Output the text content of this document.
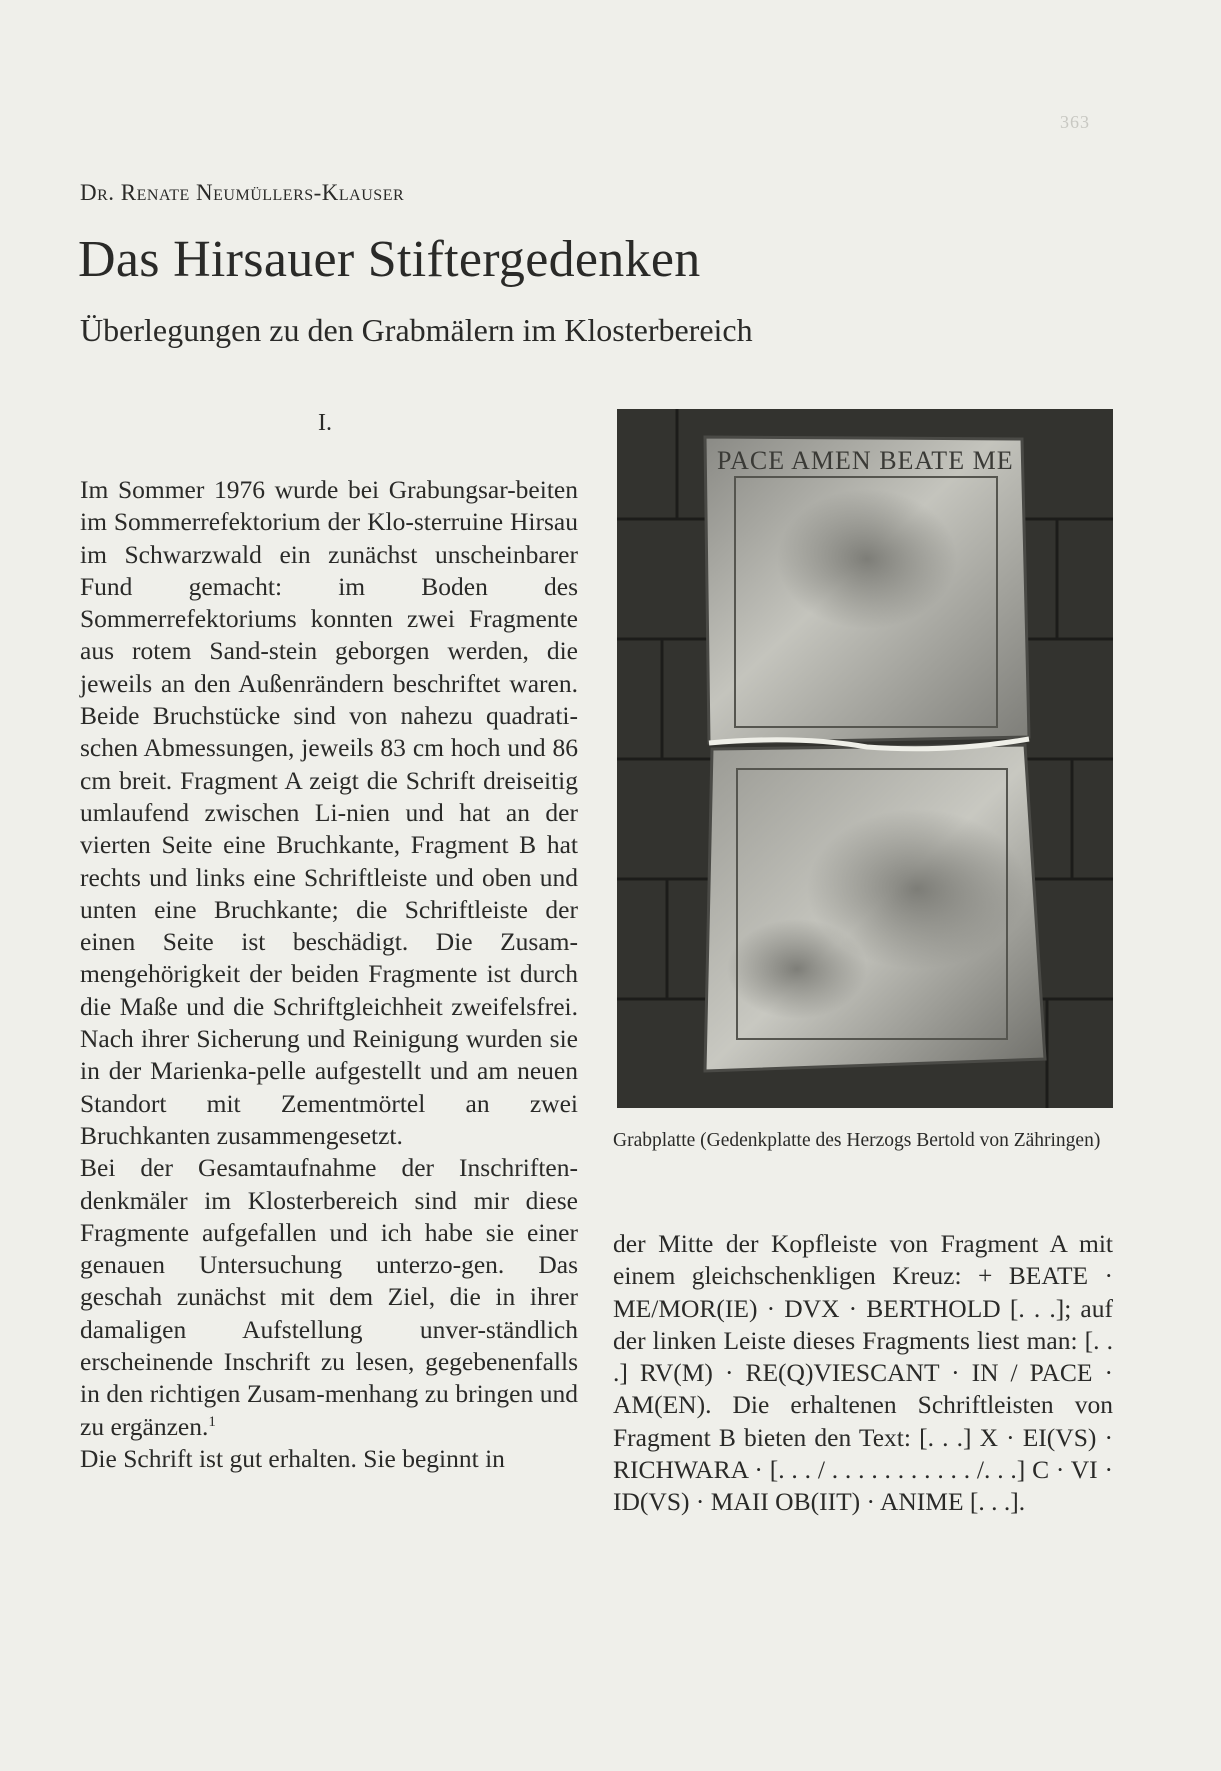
363
Dr. Renate Neumüllers-Klauser
Das Hirsauer Stiftergedenken
Überlegungen zu den Grabmälern im Klosterbereich
I.

Im Sommer 1976 wurde bei Grabungsar-beiten im Sommerrefektorium der Klo-sterruine Hirsau im Schwarzwald ein zunächst unscheinbarer Fund gemacht: im Boden des Sommerrefektoriums konnten zwei Fragmente aus rotem Sand-stein geborgen werden, die jeweils an den Außenrändern beschriftet waren. Beide Bruchstücke sind von nahezu quadrati-schen Abmessungen, jeweils 83 cm hoch und 86 cm breit. Fragment A zeigt die Schrift dreiseitig umlaufend zwischen Li-nien und hat an der vierten Seite eine Bruchkante, Fragment B hat rechts und links eine Schriftleiste und oben und unten eine Bruchkante; die Schriftleiste der einen Seite ist beschädigt. Die Zusam-mengehörigkeit der beiden Fragmente ist durch die Maße und die Schriftgleichheit zweifelsfrei. Nach ihrer Sicherung und Reinigung wurden sie in der Marienka-pelle aufgestellt und am neuen Standort mit Zementmörtel an zwei Bruchkanten zusammengesetzt.

Bei der Gesamtaufnahme der Inschriften-denkmäler im Klosterbereich sind mir diese Fragmente aufgefallen und ich habe sie einer genauen Untersuchung unterzo-gen. Das geschah zunächst mit dem Ziel, die in ihrer damaligen Aufstellung unver-ständlich erscheinende Inschrift zu lesen, gegebenenfalls in den richtigen Zusam-menhang zu bringen und zu ergänzen.$^1$

Die Schrift ist gut erhalten. Sie beginnt in

PACE AMEN BEATE ME
Grabplatte (Gedenkplatte des Herzogs Bertold von Zähringen)

der Mitte der Kopfleiste von Fragment A mit einem gleichschenkligen Kreuz: + BEATE · ME/MOR(IE) · DVX · BERTHOLD [. . .]; auf der linken Leiste dieses Fragments liest man: [. . .] RV(M) · RE(Q)VIESCANT · IN / PACE · AM(EN). Die erhaltenen Schriftleisten von Fragment B bieten den Text: [. . .] X · EI(VS) · RICHWARA · [. . . / . . . . . . . . . . . /. . .] C · VI · ID(VS) · MAII OB(IIT) · ANIME [. . .].
